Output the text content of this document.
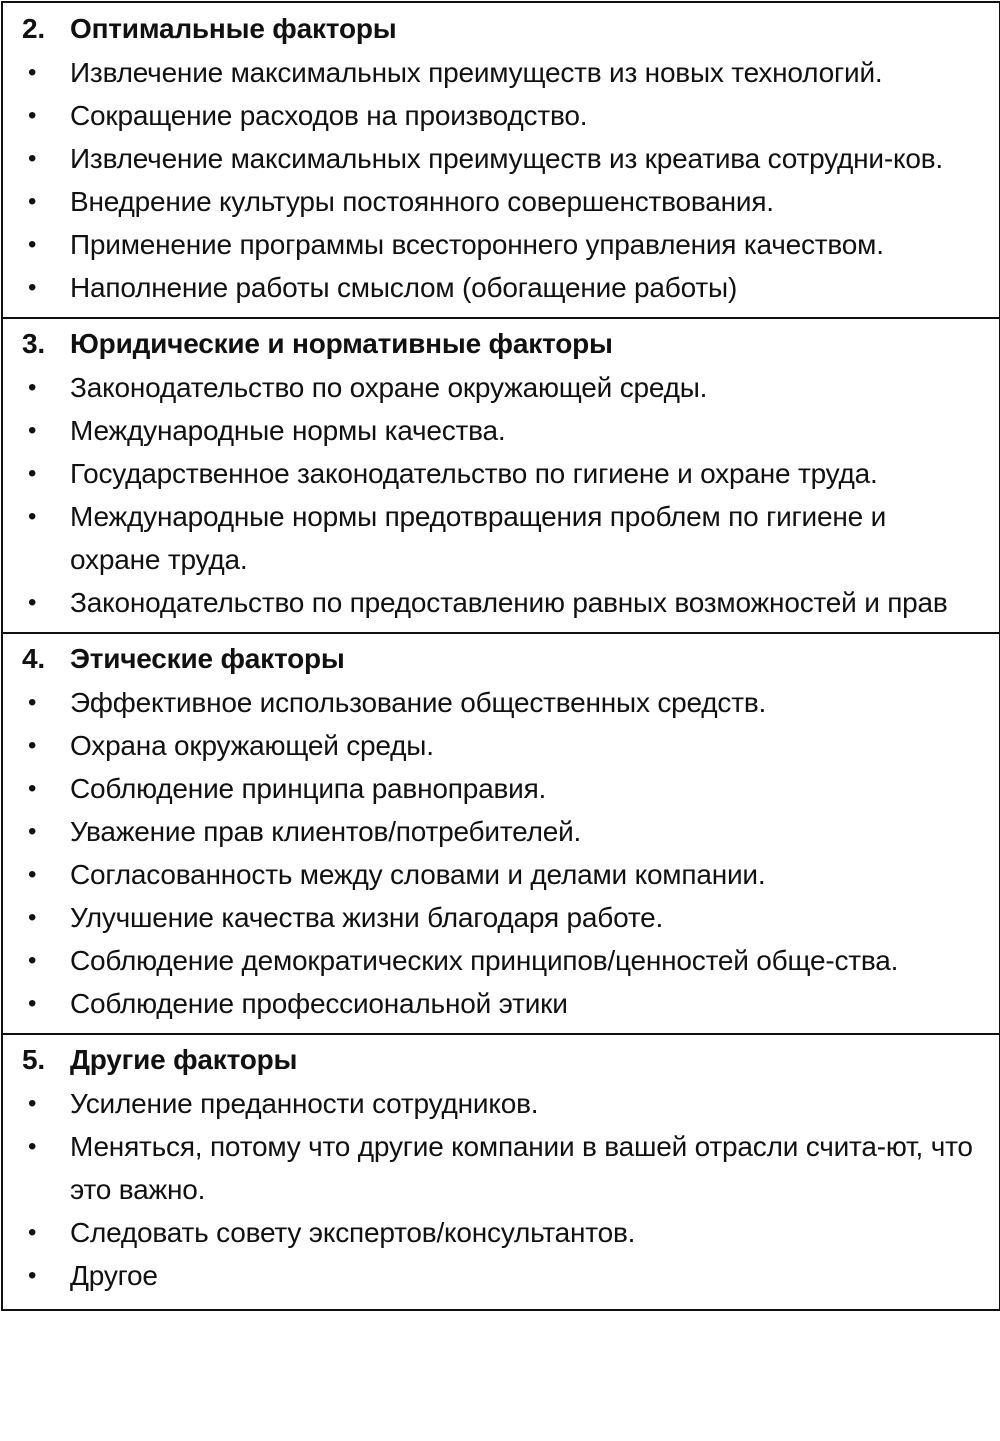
2. Оптимальные факторы
•	Извлечение максимальных преимуществ из новых технологий.
•	Сокращение расходов на производство.
•	Извлечение максимальных преимуществ из креатива сотрудни-ков.
•	Внедрение культуры постоянного совершенствования.
•	Применение программы всестороннего управления качеством.
•	Наполнение работы смыслом (обогащение работы)
3. Юридические и нормативные факторы
•	Законодательство по охране окружающей среды.
•	Международные нормы качества.
•	Государственное законодательство по гигиене и охране труда.
•	Международные нормы предотвращения проблем по гигиене и охране труда.
•	Законодательство по предоставлению равных возможностей и прав
4. Этические факторы
•	Эффективное использование общественных средств.
•	Охрана окружающей среды.
•	Соблюдение принципа равноправия.
•	Уважение прав клиентов/потребителей.
•	Согласованность между словами и делами компании.
•	Улучшение качества жизни благодаря работе.
•	Соблюдение демократических принципов/ценностей обще-ства.
•	Соблюдение профессиональной этики
5. Другие факторы
•	Усиление преданности сотрудников.
•	Меняться, потому что другие компании в вашей отрасли счита-ют, что это важно.
•	Следовать совету экспертов/консультантов.
•	Другое
